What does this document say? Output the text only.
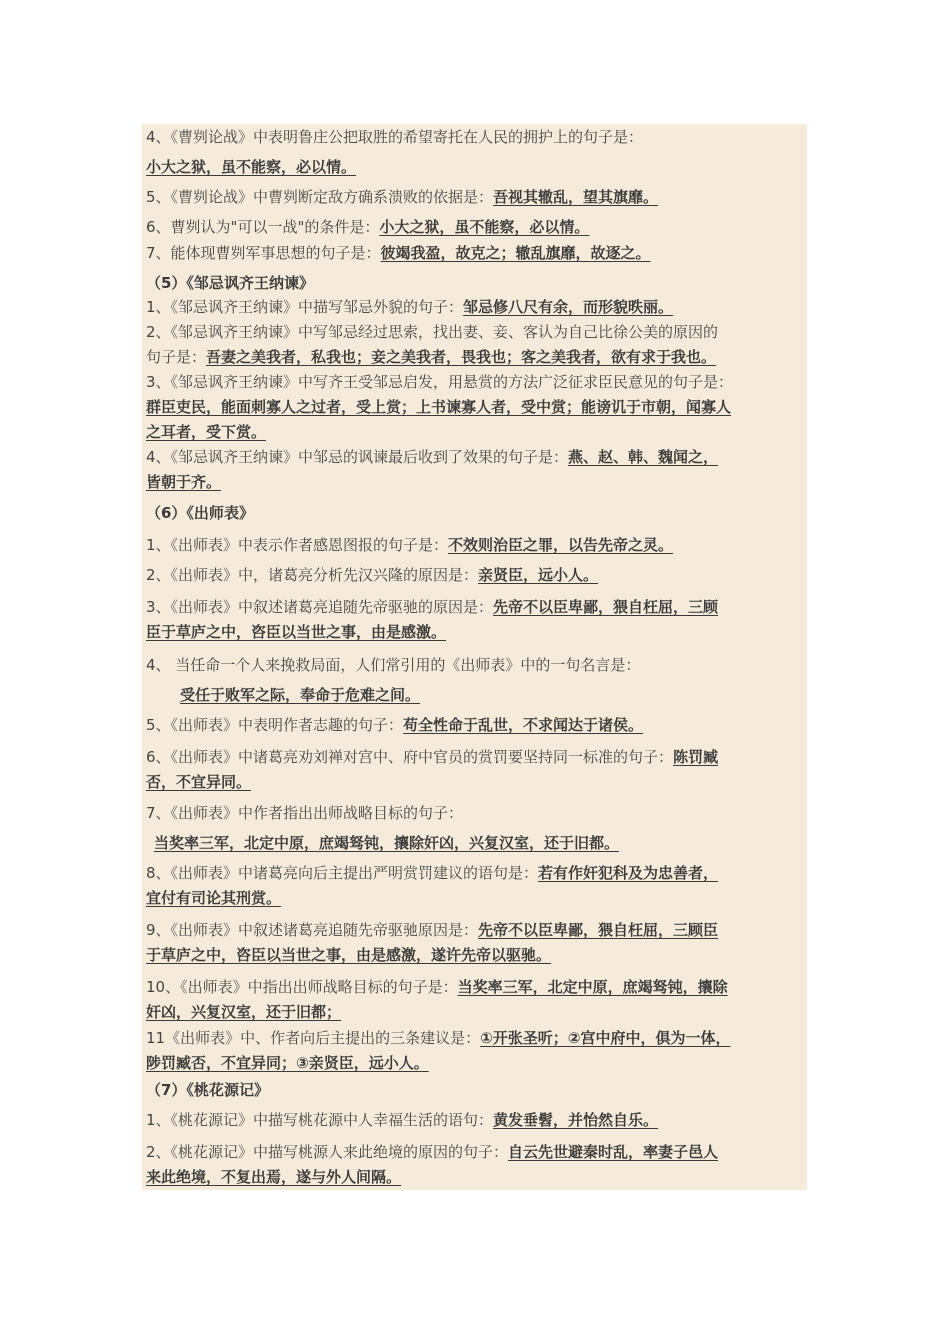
4、《曹刿论战》中表明鲁庄公把取胜的希望寄托在人民的拥护上的句子是：
小大之狱，虽不能察，必以情。
5、《曹刿论战》中曹刿断定敌方确系溃败的依据是：吾视其辙乱，望其旗靡。
6、曹刿认为"可以一战"的条件是：小大之狱，虽不能察，必以情。
7、能体现曹刿军事思想的句子是：彼竭我盈，故克之；辙乱旗靡，故逐之。
（5）《邹忌讽齐王纳谏》
1、《邹忌讽齐王纳谏》中描写邹忌外貌的句子：邹忌修八尺有余，而形貌昳丽。
2、《邹忌讽齐王纳谏》中写邹忌经过思索，找出妻、妾、客认为自己比徐公美的原因的
句子是：吾妻之美我者，私我也；妾之美我者，畏我也；客之美我者，欲有求于我也。
3、《邹忌讽齐王纳谏》中写齐王受邹忌启发，用悬赏的方法广泛征求臣民意见的句子是：
群臣吏民，能面刺寡人之过者，受上赏；上书谏寡人者，受中赏；能谤讥于市朝，闻寡人
之耳者，受下赏。
4、《邹忌讽齐王纳谏》中邹忌的讽谏最后收到了效果的句子是：燕、赵、韩、魏闻之，
皆朝于齐。
（6）《出师表》
1、《出师表》中表示作者感恩图报的句子是：不效则治臣之罪，以告先帝之灵。
2、《出师表》中，诸葛亮分析先汉兴隆的原因是：亲贤臣，远小人。
3、《出师表》中叙述诸葛亮追随先帝驱驰的原因是：先帝不以臣卑鄙，猥自枉屈，三顾
臣于草庐之中，咨臣以当世之事，由是感激。
4、 当任命一个人来挽救局面，人们常引用的《出师表》中的一句名言是：
受任于败军之际，奉命于危难之间。
5、《出师表》中表明作者志趣的句子：苟全性命于乱世，不求闻达于诸侯。
6、《出师表》中诸葛亮劝刘禅对宫中、府中官员的赏罚要坚持同一标准的句子：陈罚臧
否，不宜异同。
7、《出师表》中作者指出出师战略目标的句子：
当奖率三军，北定中原，庶竭驽钝，攘除奸凶，兴复汉室，还于旧都。
8、《出师表》中诸葛亮向后主提出严明赏罚建议的语句是：若有作奸犯科及为忠善者，
宜付有司论其刑赏。
9、《出师表》中叙述诸葛亮追随先帝驱驰原因是：先帝不以臣卑鄙，猥自枉屈，三顾臣
于草庐之中，咨臣以当世之事，由是感激，遂许先帝以驱驰。
10、《出师表》中指出出师战略目标的句子是：当奖率三军，北定中原，庶竭驽钝，攘除
奸凶，兴复汉室，还于旧都；
11《出师表》中、作者向后主提出的三条建议是：①开张圣听；②宫中府中，俱为一体，
陟罚臧否，不宜异同；③亲贤臣，远小人。
（7）《桃花源记》
1、《桃花源记》中描写桃花源中人幸福生活的语句：黄发垂髫，并怡然自乐。
2、《桃花源记》中描写桃源人来此绝境的原因的句子：自云先世避秦时乱，率妻子邑人
来此绝境，不复出焉，遂与外人间隔。
